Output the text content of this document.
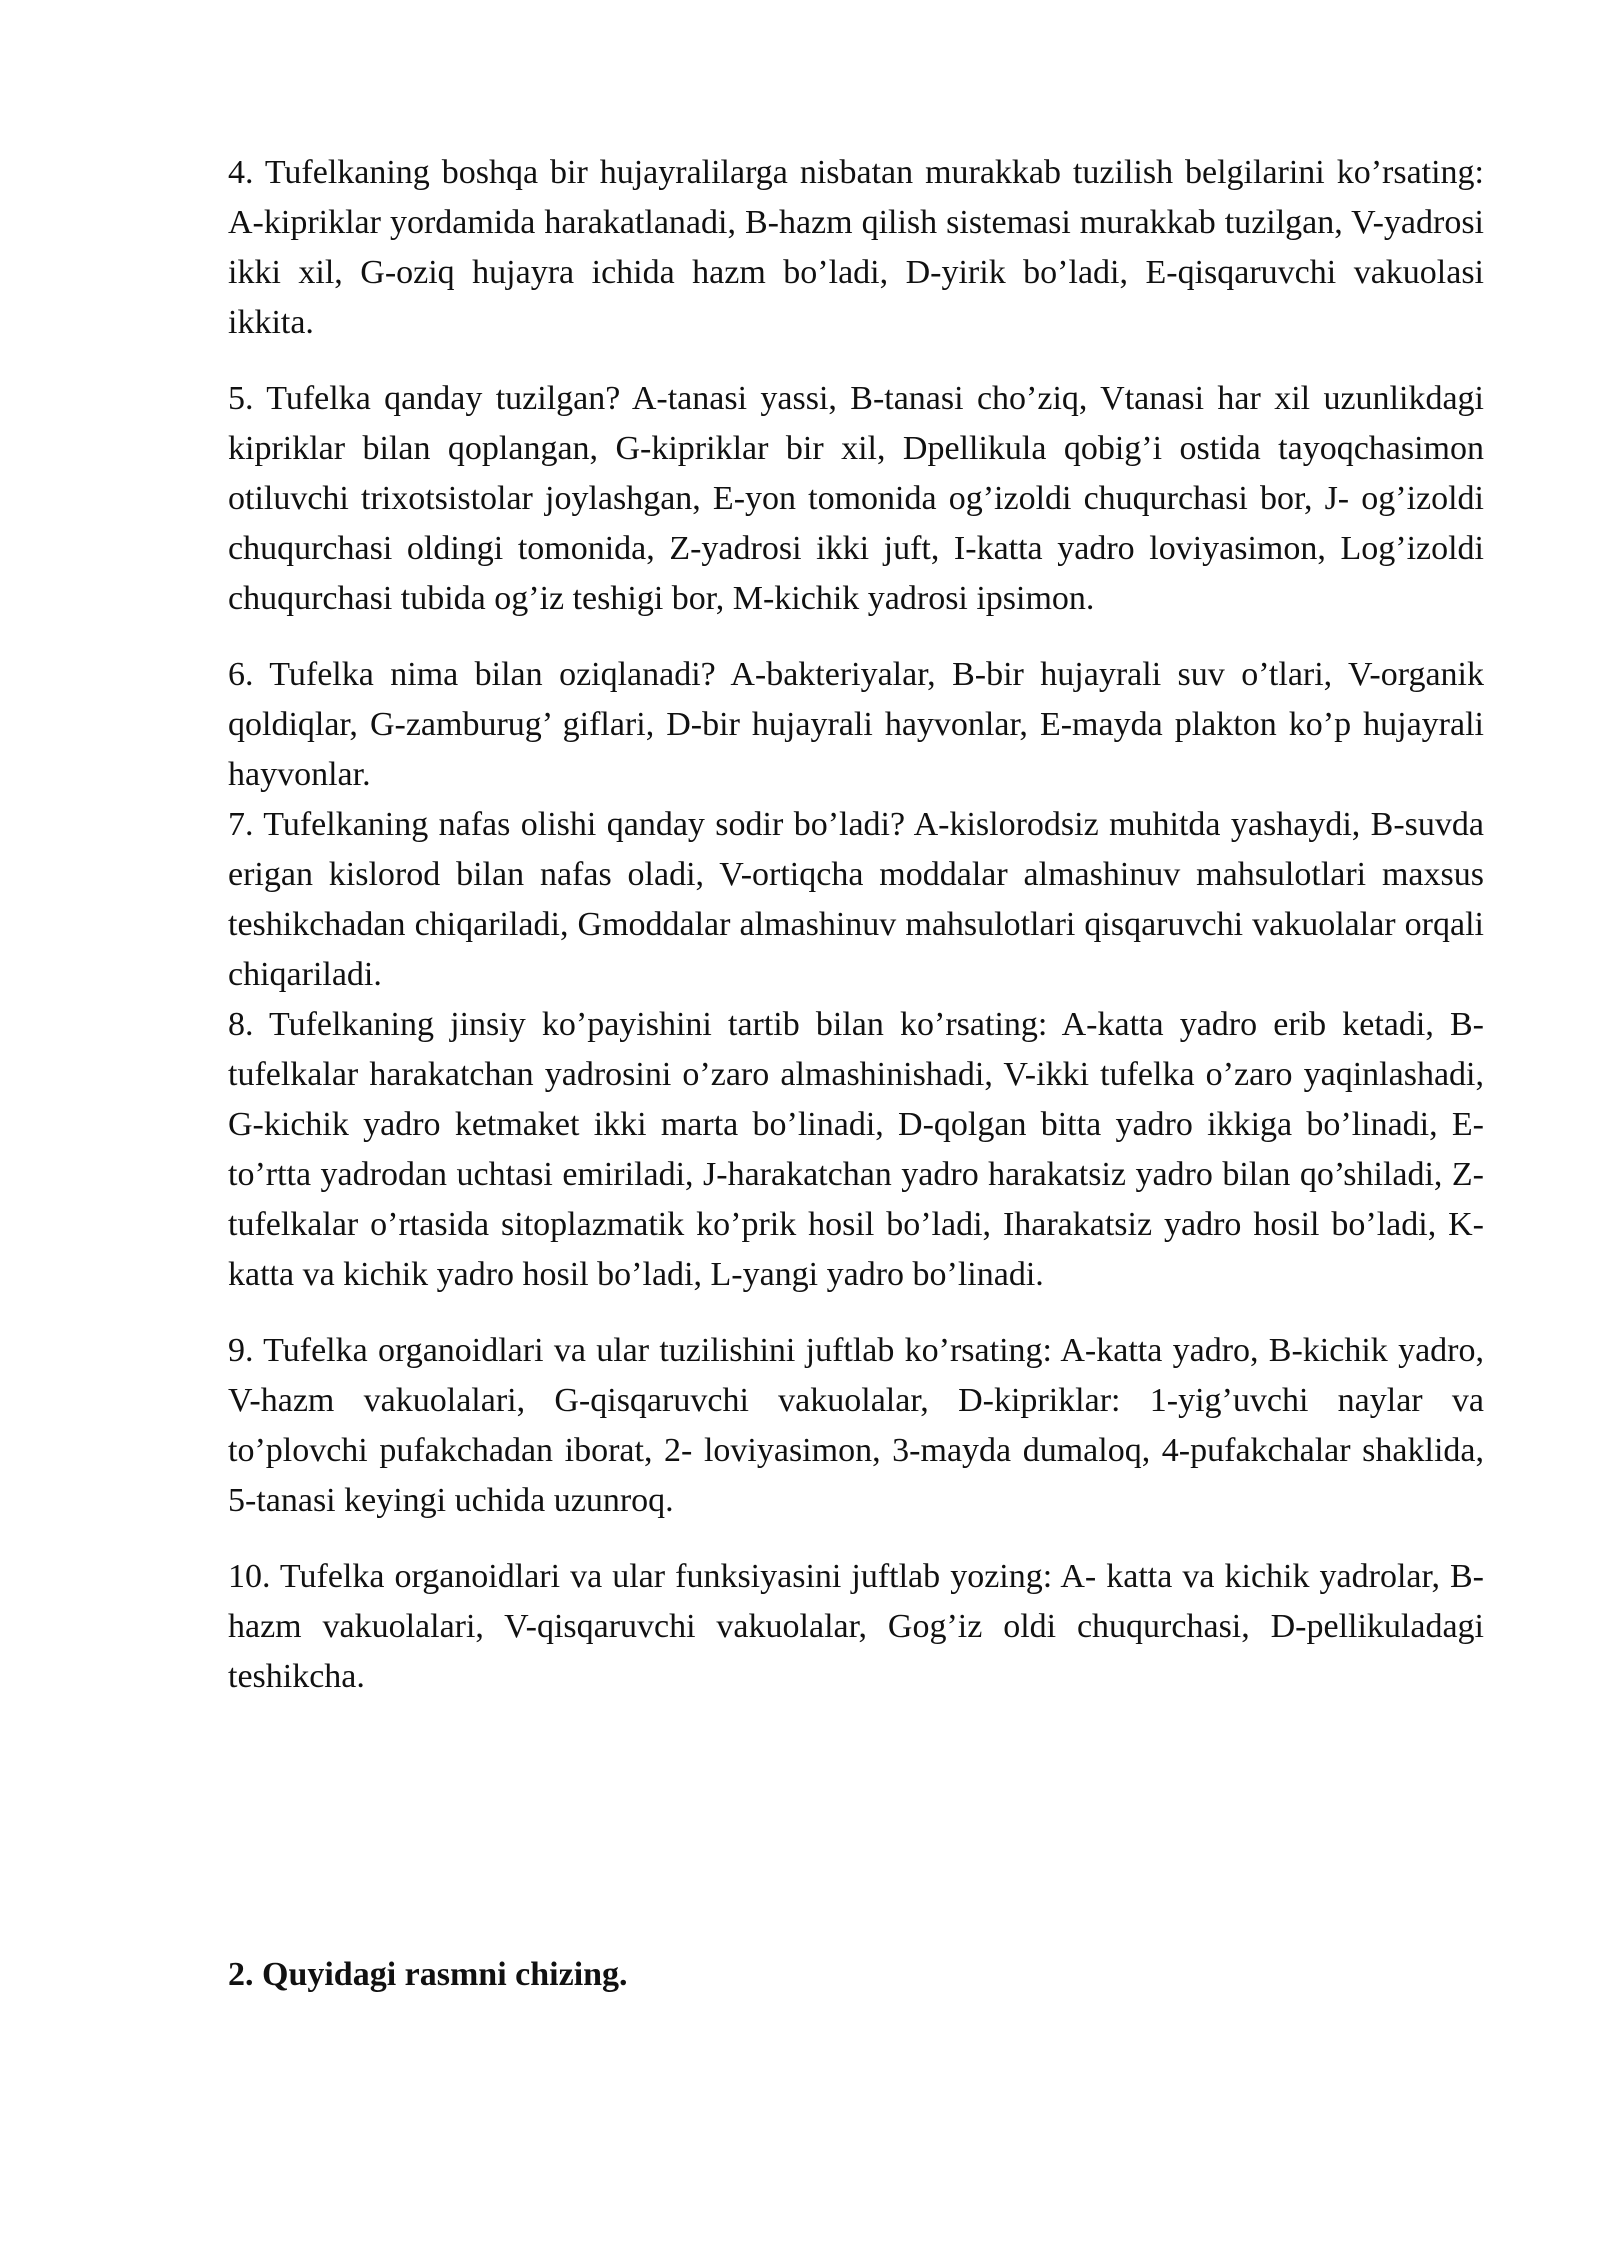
4. Tufelkaning boshqa bir hujayralilarga nisbatan murakkab tuzilish belgilarini ko’rsating: A-kipriklar yordamida harakatlanadi, B-hazm qilish sistemasi murakkab tuzilgan, V-yadrosi ikki xil, G-oziq hujayra ichida hazm bo’ladi, D-yirik bo’ladi, E-qisqaruvchi vakuolasi ikkita.

5. Tufelka qanday tuzilgan? A-tanasi yassi, B-tanasi cho’ziq, Vtanasi har xil uzunlikdagi kipriklar bilan qoplangan, G-kipriklar bir xil, Dpellikula qobig’i ostida tayoqchasimon otiluvchi trixotsistolar joylashgan, E-yon tomonida og’izoldi chuqurchasi bor, J- og’izoldi chuqurchasi oldingi tomonida, Z-yadrosi ikki juft, I-katta yadro loviyasimon, Log’izoldi chuqurchasi tubida og’iz teshigi bor, M-kichik yadrosi ipsimon.

6. Tufelka nima bilan oziqlanadi? A-bakteriyalar, B-bir hujayrali suv o’tlari, V-organik qoldiqlar, G-zamburug’ giflari, D-bir hujayrali hayvonlar, E-mayda plakton ko’p hujayrali hayvonlar.

7. Tufelkaning nafas olishi qanday sodir bo’ladi? A-kislorodsiz muhitda yashaydi, B-suvda erigan kislorod bilan nafas oladi, V-ortiqcha moddalar almashinuv mahsulotlari maxsus teshikchadan chiqariladi, Gmoddalar almashinuv mahsulotlari qisqaruvchi vakuolalar orqali chiqariladi.

8. Tufelkaning jinsiy ko’payishini tartib bilan ko’rsating: A-katta yadro erib ketadi, B-tufelkalar harakatchan yadrosini o’zaro almashinishadi, V-ikki tufelka o’zaro yaqinlashadi, G-kichik yadro ketmaket ikki marta bo’linadi, D-qolgan bitta yadro ikkiga bo’linadi, E-to’rtta yadrodan uchtasi emiriladi, J-harakatchan yadro harakatsiz yadro bilan qo’shiladi, Z-tufelkalar o’rtasida sitoplazmatik ko’prik hosil bo’ladi, Iharakatsiz yadro hosil bo’ladi, K-katta va kichik yadro hosil bo’ladi, L-yangi yadro bo’linadi.

9. Tufelka organoidlari va ular tuzilishini juftlab ko’rsating: A-katta yadro, B-kichik yadro, V-hazm vakuolalari, G-qisqaruvchi vakuolalar, D-kipriklar: 1-yig’uvchi naylar va to’plovchi pufakchadan iborat, 2- loviyasimon, 3-mayda dumaloq, 4-pufakchalar shaklida, 5-tanasi keyingi uchida uzunroq.

10. Tufelka organoidlari va ular funksiyasini juftlab yozing: A- katta va kichik yadrolar, B- hazm vakuolalari, V-qisqaruvchi vakuolalar, Gog’iz oldi chuqurchasi, D-pellikuladagi teshikcha.

2. Quyidagi rasmni chizing.
